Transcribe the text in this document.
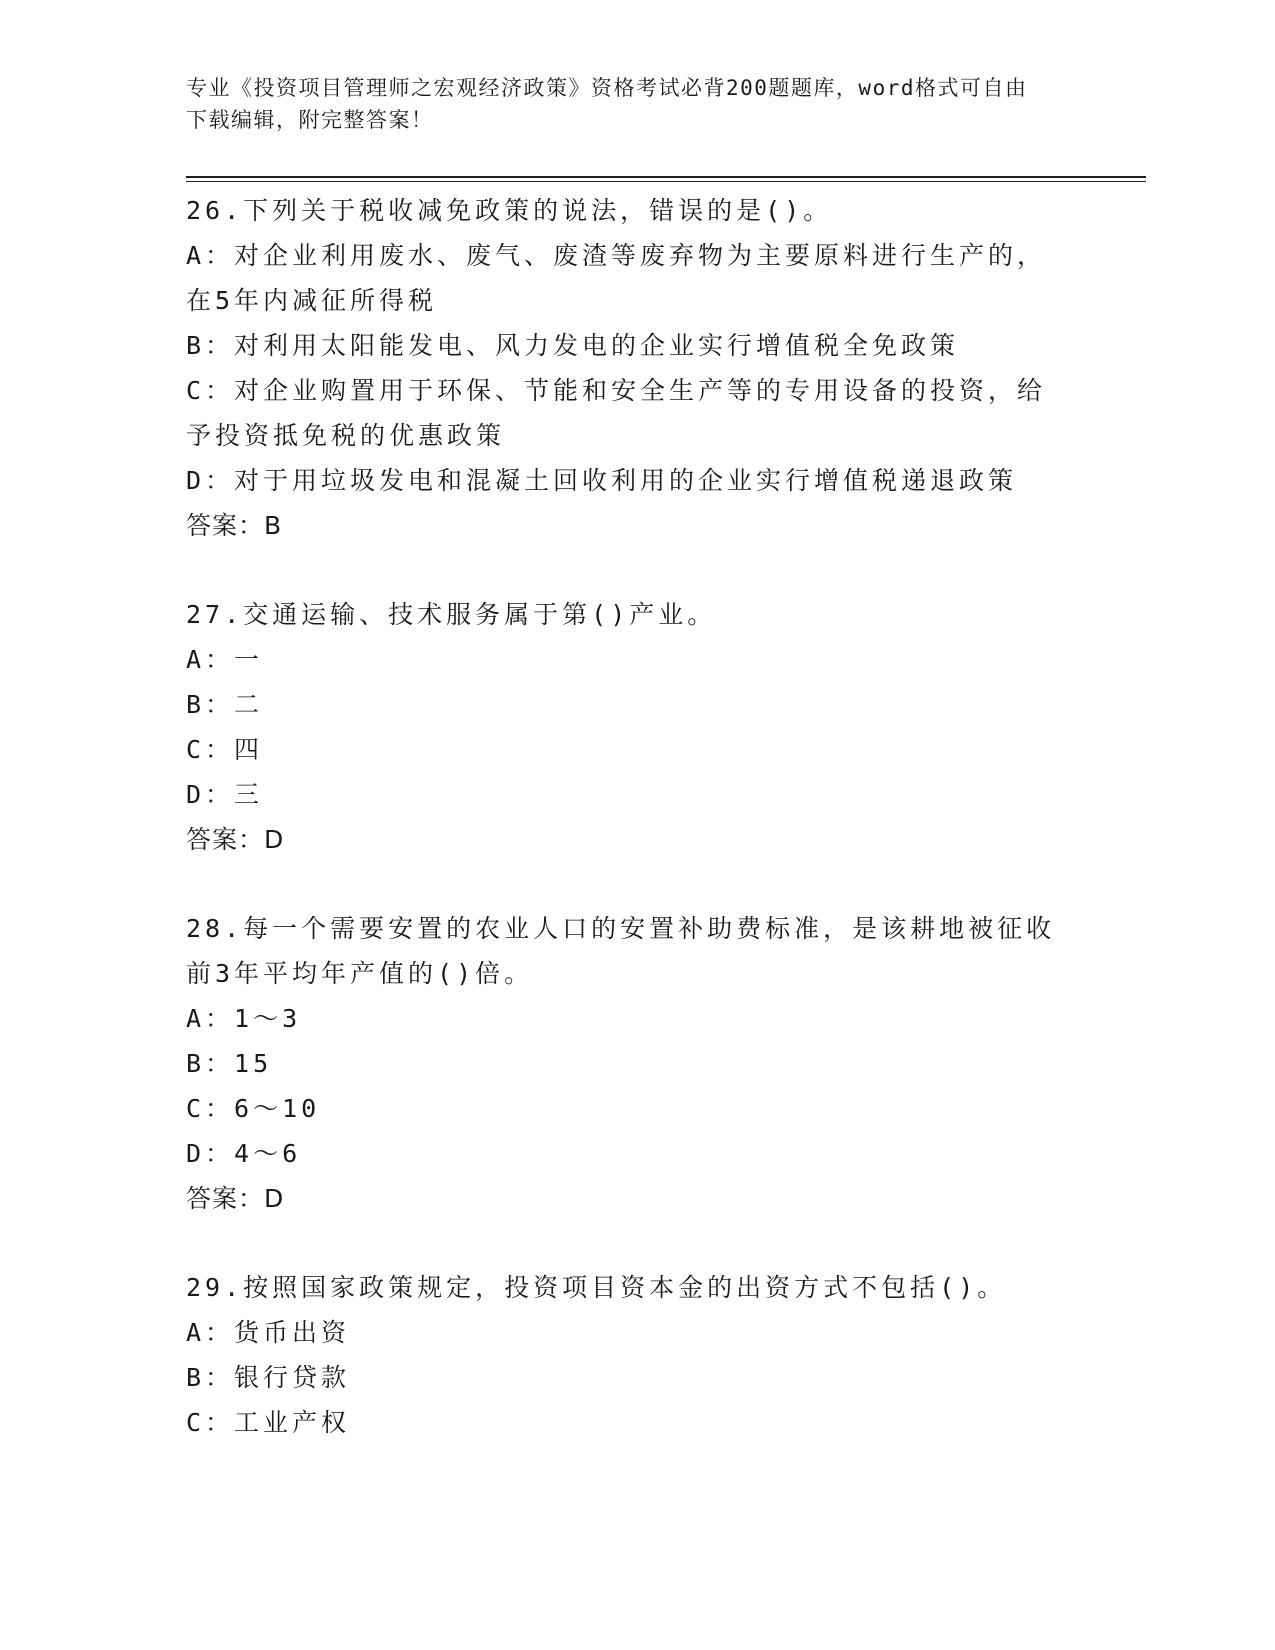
专业《投资项目管理师之宏观经济政策》资格考试必背200题题库，word格式可自由下载编辑，附完整答案！
26.下列关于税收减免政策的说法，错误的是()。
A：对企业利用废水、废气、废渣等废弃物为主要原料进行生产的，在5年内减征所得税
B：对利用太阳能发电、风力发电的企业实行增值税全免政策
C：对企业购置用于环保、节能和安全生产等的专用设备的投资，给予投资抵免税的优惠政策
D：对于用垃圾发电和混凝土回收利用的企业实行增值税递退政策
答案：B
27.交通运输、技术服务属于第()产业。
A：一
B：二
C：四
D：三
答案：D
28.每一个需要安置的农业人口的安置补助费标准，是该耕地被征收前3年平均年产值的()倍。
A：1～3
B：15
C：6～10
D：4～6
答案：D
29.按照国家政策规定，投资项目资本金的出资方式不包括()。
A：货币出资
B：银行贷款
C：工业产权
